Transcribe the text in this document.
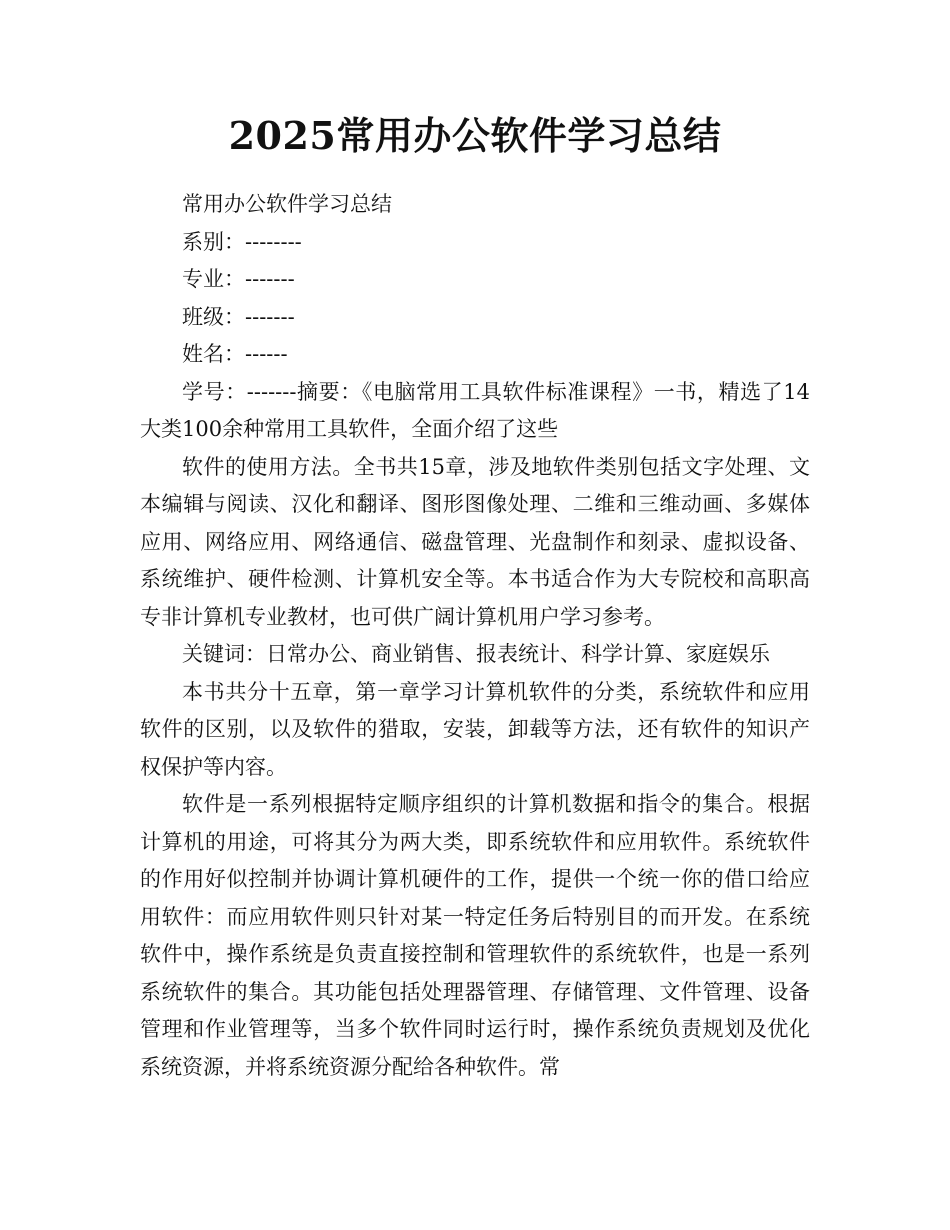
2025常用办公软件学习总结

常用办公软件学习总结

系别：--------

专业：-------

班级：-------

姓名：------

学号：-------摘要：《电脑常用工具软件标准课程》一书，精选了14大类100余种常用工具软件，全面介绍了这些

软件的使用方法。全书共15章，涉及地软件类别包括文字处理、文本编辑与阅读、汉化和翻译、图形图像处理、二维和三维动画、多媒体应用、网络应用、网络通信、磁盘管理、光盘制作和刻录、虚拟设备、系统维护、硬件检测、计算机安全等。本书适合作为大专院校和高职高专非计算机专业教材，也可供广阔计算机用户学习参考。

关键词：日常办公、商业销售、报表统计、科学计算、家庭娱乐

本书共分十五章，第一章学习计算机软件的分类，系统软件和应用软件的区别，以及软件的猎取，安装，卸载等方法，还有软件的知识产权保护等内容。

软件是一系列根据特定顺序组织的计算机数据和指令的集合。根据计算机的用途，可将其分为两大类，即系统软件和应用软件。系统软件的作用好似控制并协调计算机硬件的工作，提供一个统一你的借口给应用软件：而应用软件则只针对某一特定任务后特别目的而开发。在系统软件中，操作系统是负责直接控制和管理软件的系统软件，也是一系列系统软件的集合。其功能包括处理器管理、存储管理、文件管理、设备管理和作业管理等，当多个软件同时运行时，操作系统负责规划及优化系统资源，并将系统资源分配给各种软件。常
